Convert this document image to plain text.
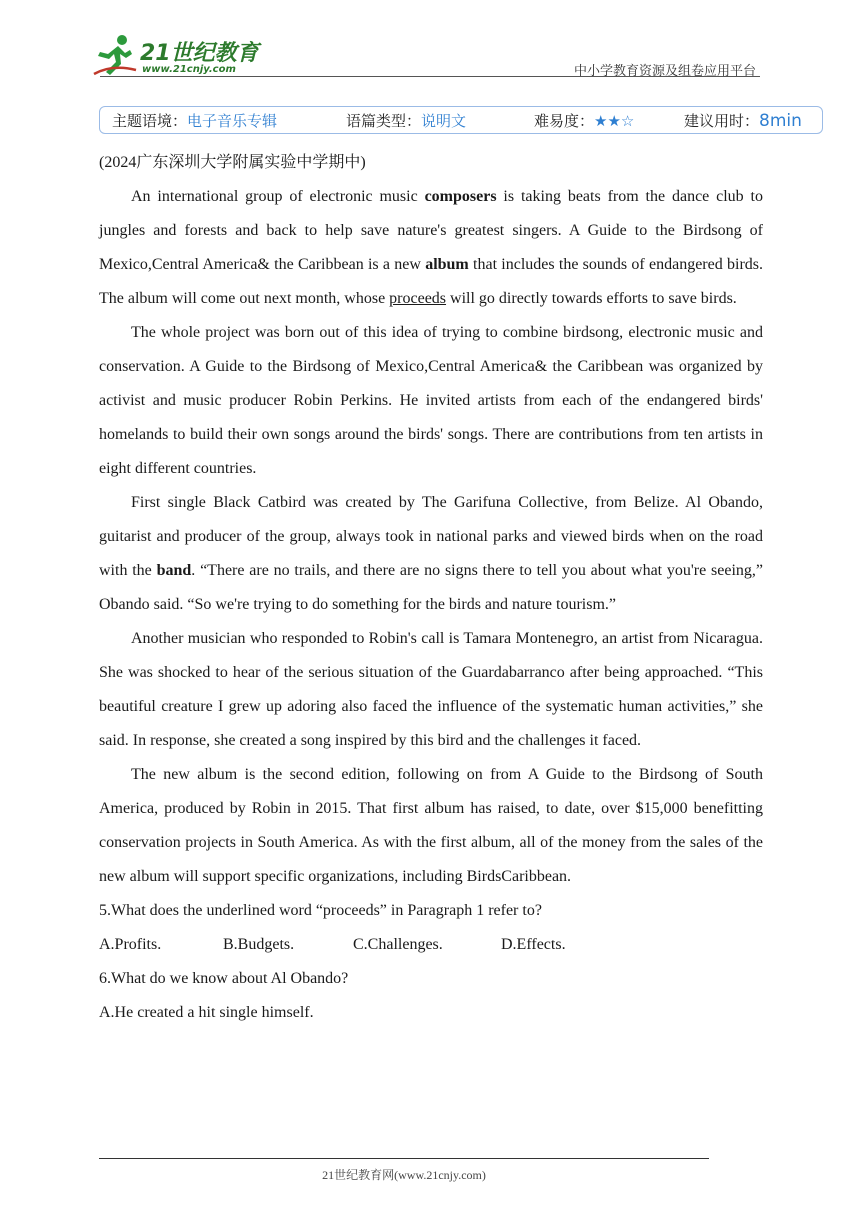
21世纪教育
www.21cnjy.com	中小学教育资源及组卷应用平台
主题语境：电子音乐专辑	语篇类型：说明文	难易度：★★☆	建议用时：8min

(2024广东深圳大学附属实验中学期中)

An international group of electronic music composers is taking beats from the dance club to jungles and forests and back to help save nature's greatest singers. A Guide to the Birdsong of Mexico,Central America& the Caribbean is a new album that includes the sounds of endangered birds. The album will come out next month, whose proceeds will go directly towards efforts to save birds.

The whole project was born out of this idea of trying to combine birdsong, electronic music and conservation. A Guide to the Birdsong of Mexico,Central America& the Caribbean was organized by activist and music producer Robin Perkins. He invited artists from each of the endangered birds' homelands to build their own songs around the birds' songs. There are contributions from ten artists in eight different countries.

First single Black Catbird was created by The Garifuna Collective, from Belize. Al Obando, guitarist and producer of the group, always took in national parks and viewed birds when on the road with the band. “There are no trails, and there are no signs there to tell you about what you're seeing,” Obando said. “So we're trying to do something for the birds and nature tourism.”

Another musician who responded to Robin's call is Tamara Montenegro, an artist from Nicaragua. She was shocked to hear of the serious situation of the Guardabarranco after being approached. “This beautiful creature I grew up adoring also faced the influence of the systematic human activities,” she said. In response, she created a song inspired by this bird and the challenges it faced.

The new album is the second edition, following on from A Guide to the Birdsong of South America, produced by Robin in 2015. That first album has raised, to date, over $15,000 benefitting conservation projects in South America. As with the first album, all of the money from the sales of the new album will support specific organizations, including BirdsCaribbean.

5.What does the underlined word “proceeds” in Paragraph 1 refer to?

A.Profits.	B.Budgets.	C.Challenges.	D.Effects.

6.What do we know about Al Obando?

A.He created a hit single himself.

21世纪教育网(www.21cnjy.com)
